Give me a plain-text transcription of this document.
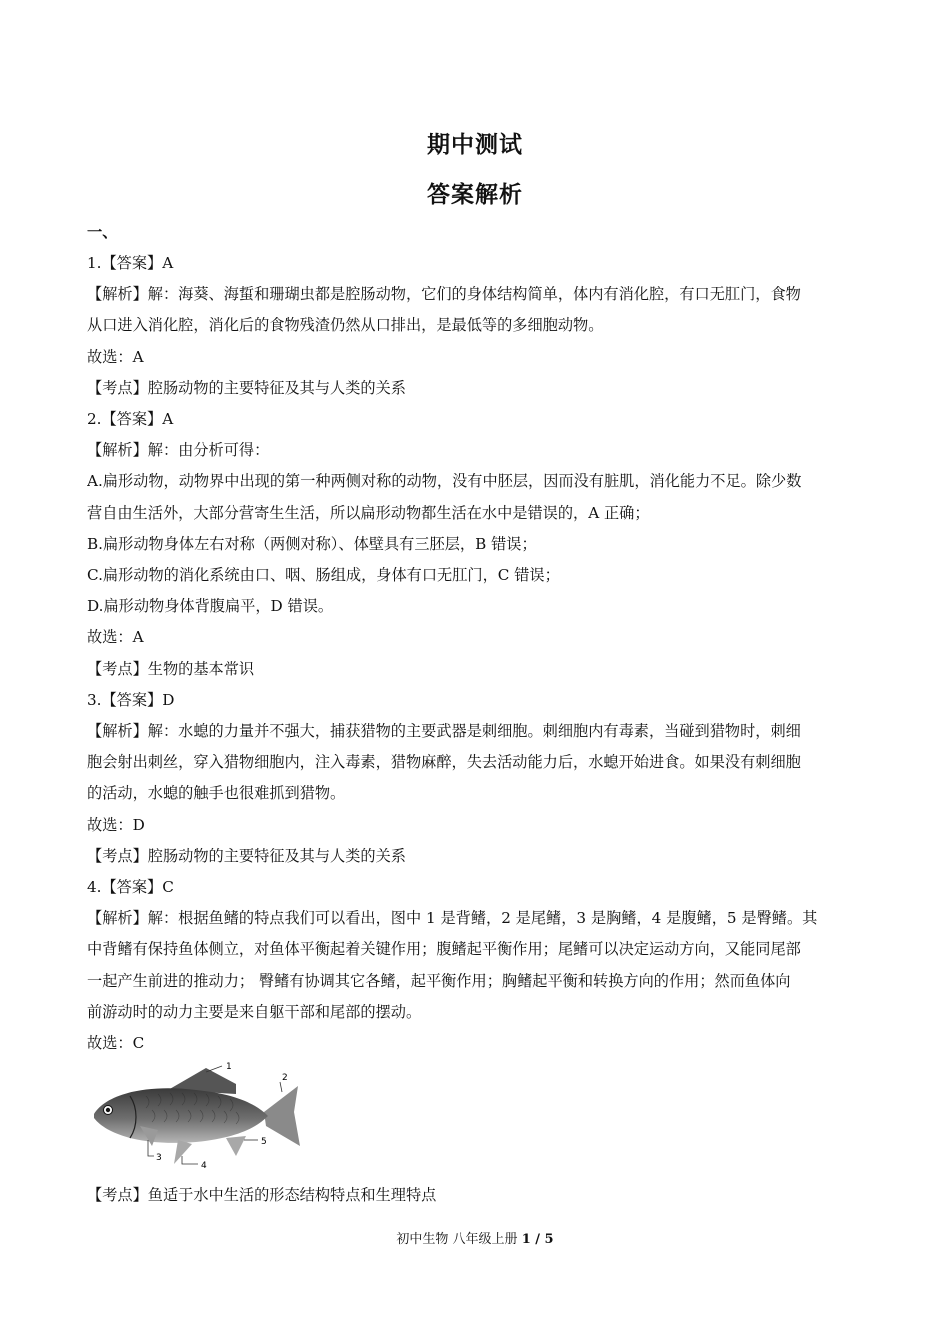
期中测试
答案解析
一、
1.【答案】A
【解析】解：海葵、海蜇和珊瑚虫都是腔肠动物，它们的身体结构简单，体内有消化腔，有口无肛门，食物
从口进入消化腔，消化后的食物残渣仍然从口排出，是最低等的多细胞动物。
故选：A
【考点】腔肠动物的主要特征及其与人类的关系
2.【答案】A
【解析】解：由分析可得：
A.扁形动物，动物界中出现的第一种两侧对称的动物，没有中胚层，因而没有脏肌，消化能力不足。除少数
营自由生活外，大部分营寄生生活，所以扁形动物都生活在水中是错误的，A 正确；
B.扁形动物身体左右对称（两侧对称）、体壁具有三胚层，B 错误；
C.扁形动物的消化系统由口、咽、肠组成，身体有口无肛门，C 错误；
D.扁形动物身体背腹扁平，D 错误。
故选：A
【考点】生物的基本常识
3.【答案】D
【解析】解：水螅的力量并不强大，捕获猎物的主要武器是刺细胞。刺细胞内有毒素，当碰到猎物时，刺细
胞会射出刺丝，穿入猎物细胞内，注入毒素，猎物麻醉，失去活动能力后，水螅开始进食。如果没有刺细胞
的活动，水螅的触手也很难抓到猎物。
故选：D
【考点】腔肠动物的主要特征及其与人类的关系
4.【答案】C
【解析】解：根据鱼鳍的特点我们可以看出，图中 1 是背鳍，2 是尾鳍，3 是胸鳍，4 是腹鳍，5 是臀鳍。其
中背鳍有保持鱼体侧立，对鱼体平衡起着关键作用；腹鳍起平衡作用；尾鳍可以决定运动方向，又能同尾部
一起产生前进的推动力； 臀鳍有协调其它各鳍，起平衡作用；胸鳍起平衡和转换方向的作用；然而鱼体向
前游动时的动力主要是来自躯干部和尾部的摆动。
故选：C
1
2
5
3
4
【考点】鱼适于水中生活的形态结构特点和生理特点
初中生物 八年级上册 1 / 5
